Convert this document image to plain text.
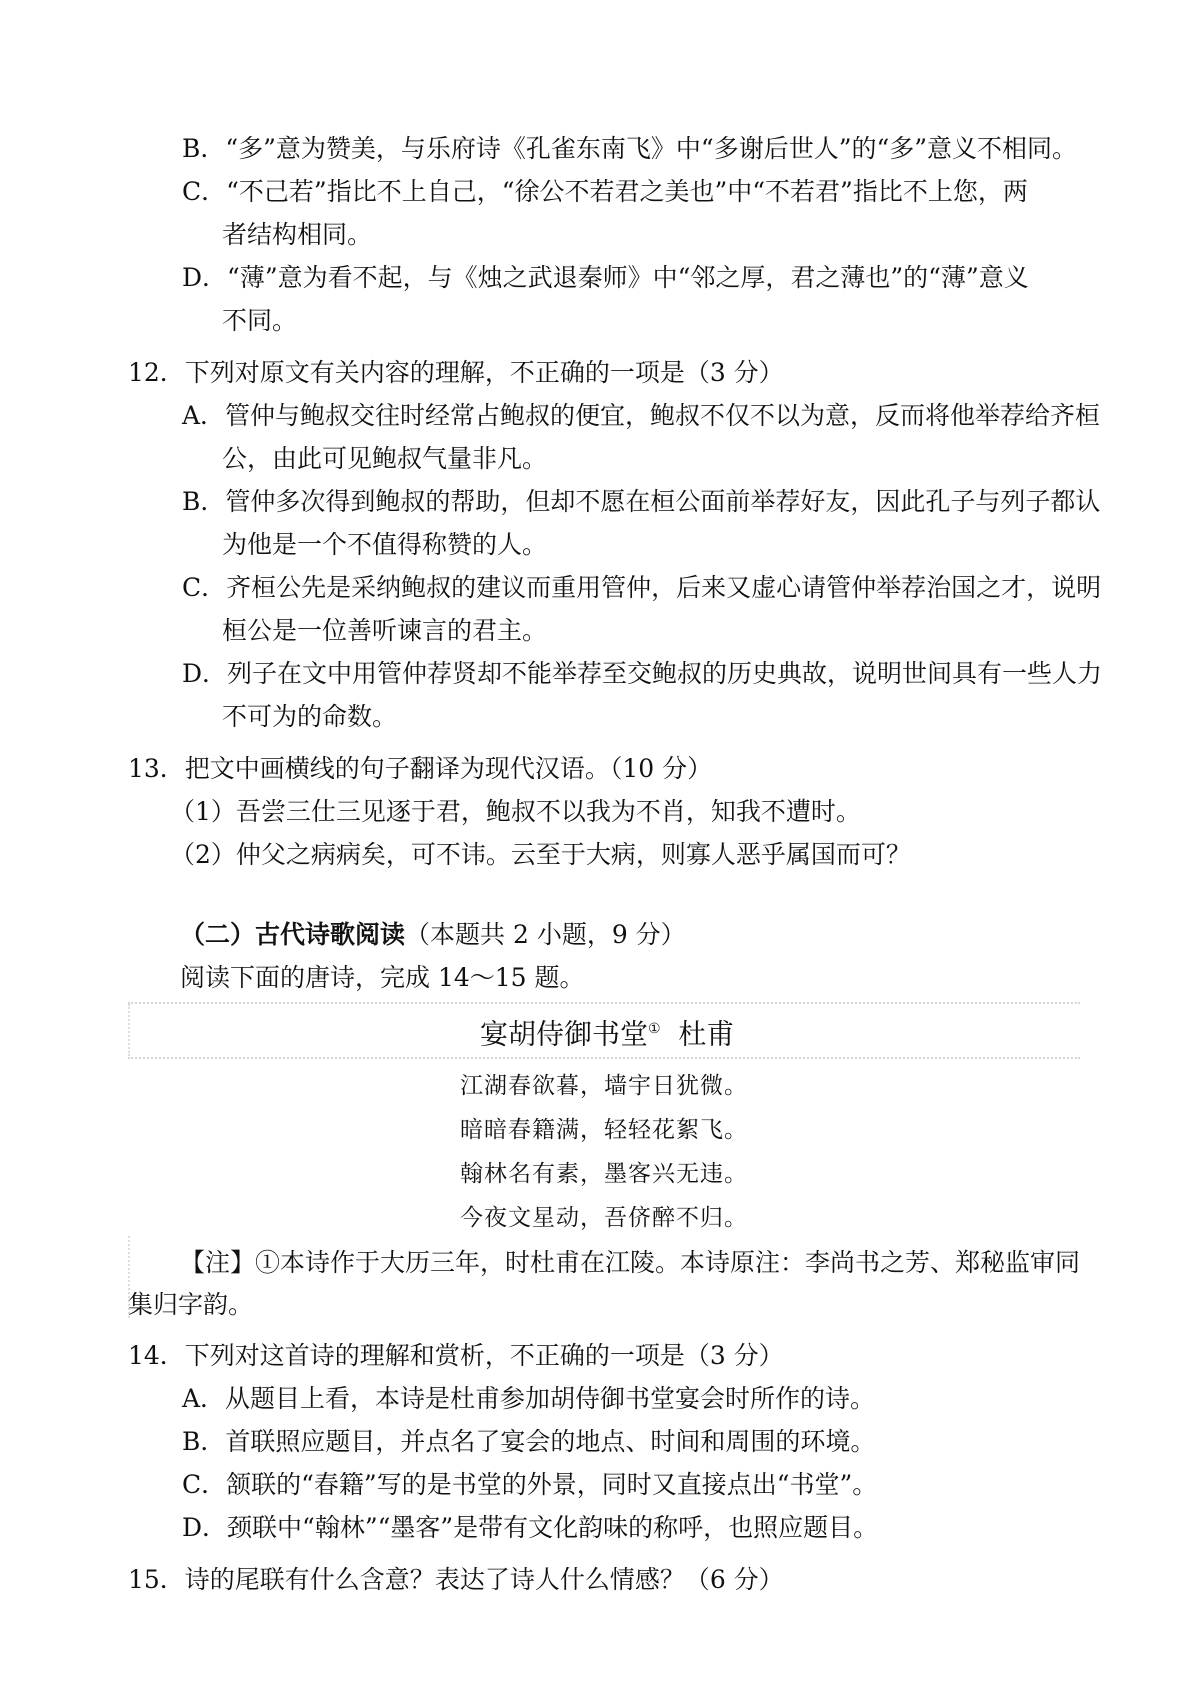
B．“多”意为赞美，与乐府诗《孔雀东南飞》中“多谢后世人”的“多”意义不相同。
C．“不己若”指比不上自己，“徐公不若君之美也”中“不若君”指比不上您，两
者结构相同。
D．“薄”意为看不起，与《烛之武退秦师》中“邻之厚，君之薄也”的“薄”意义
不同。
12．下列对原文有关内容的理解，不正确的一项是（3 分）
A．管仲与鲍叔交往时经常占鲍叔的便宜，鲍叔不仅不以为意，反而将他举荐给齐桓
公，由此可见鲍叔气量非凡。
B．管仲多次得到鲍叔的帮助，但却不愿在桓公面前举荐好友，因此孔子与列子都认
为他是一个不值得称赞的人。
C．齐桓公先是采纳鲍叔的建议而重用管仲，后来又虚心请管仲举荐治国之才，说明
桓公是一位善听谏言的君主。
D．列子在文中用管仲荐贤却不能举荐至交鲍叔的历史典故，说明世间具有一些人力
不可为的命数。
13．把文中画横线的句子翻译为现代汉语。（10 分）
（1）吾尝三仕三见逐于君，鲍叔不以我为不肖，知我不遭时。
（2）仲父之病病矣，可不讳。云至于大病，则寡人恶乎属国而可？
（二）古代诗歌阅读（本题共 2 小题，9 分）
阅读下面的唐诗，完成 14～15 题。
宴胡侍御书堂① 杜甫
江湖春欲暮，墙宇日犹微。
暗暗春籍满，轻轻花絮飞。
翰林名有素，墨客兴无违。
今夜文星动，吾侪醉不归。
【注】①本诗作于大历三年，时杜甫在江陵。本诗原注：李尚书之芳、郑秘监审同
集归字韵。
14．下列对这首诗的理解和赏析，不正确的一项是（3 分）
A．从题目上看，本诗是杜甫参加胡侍御书堂宴会时所作的诗。
B．首联照应题目，并点名了宴会的地点、时间和周围的环境。
C．颔联的“春籍”写的是书堂的外景，同时又直接点出“书堂”。
D．颈联中“翰林”“墨客”是带有文化韵味的称呼，也照应题目。
15．诗的尾联有什么含意？表达了诗人什么情感？（6 分）
